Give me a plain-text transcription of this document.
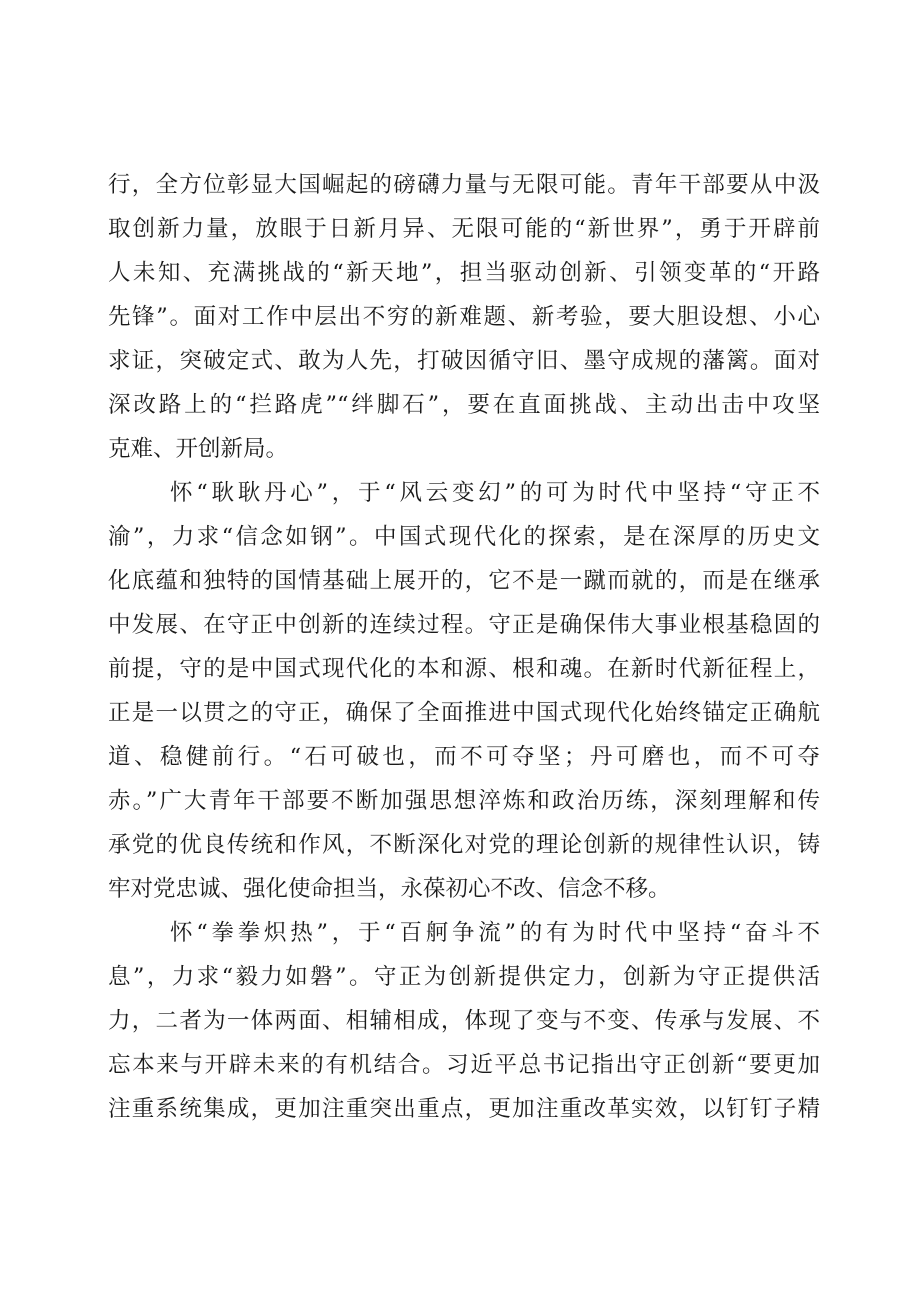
行，全方位彰显大国崛起的磅礴力量与无限可能。青年干部要从中汲
取创新力量，放眼于日新月异、无限可能的“新世界”，勇于开辟前
人未知、充满挑战的“新天地”，担当驱动创新、引领变革的“开路
先锋”。面对工作中层出不穷的新难题、新考验，要大胆设想、小心
求证，突破定式、敢为人先，打破因循守旧、墨守成规的藩篱。面对
深改路上的“拦路虎”“绊脚石”，要在直面挑战、主动出击中攻坚
克难、开创新局。
怀“耿耿丹心”，于“风云变幻”的可为时代中坚持“守正不
渝”，力求“信念如钢”。中国式现代化的探索，是在深厚的历史文
化底蕴和独特的国情基础上展开的，它不是一蹴而就的，而是在继承
中发展、在守正中创新的连续过程。守正是确保伟大事业根基稳固的
前提，守的是中国式现代化的本和源、根和魂。在新时代新征程上，
正是一以贯之的守正，确保了全面推进中国式现代化始终锚定正确航
道、稳健前行。“石可破也，而不可夺坚；丹可磨也，而不可夺
赤。”广大青年干部要不断加强思想淬炼和政治历练，深刻理解和传
承党的优良传统和作风，不断深化对党的理论创新的规律性认识，铸
牢对党忠诚、强化使命担当，永葆初心不改、信念不移。
怀“拳拳炽热”，于“百舸争流”的有为时代中坚持“奋斗不
息”，力求“毅力如磐”。守正为创新提供定力，创新为守正提供活
力，二者为一体两面、相辅相成，体现了变与不变、传承与发展、不
忘本来与开辟未来的有机结合。习近平总书记指出守正创新“要更加
注重系统集成，更加注重突出重点，更加注重改革实效，以钉钉子精
